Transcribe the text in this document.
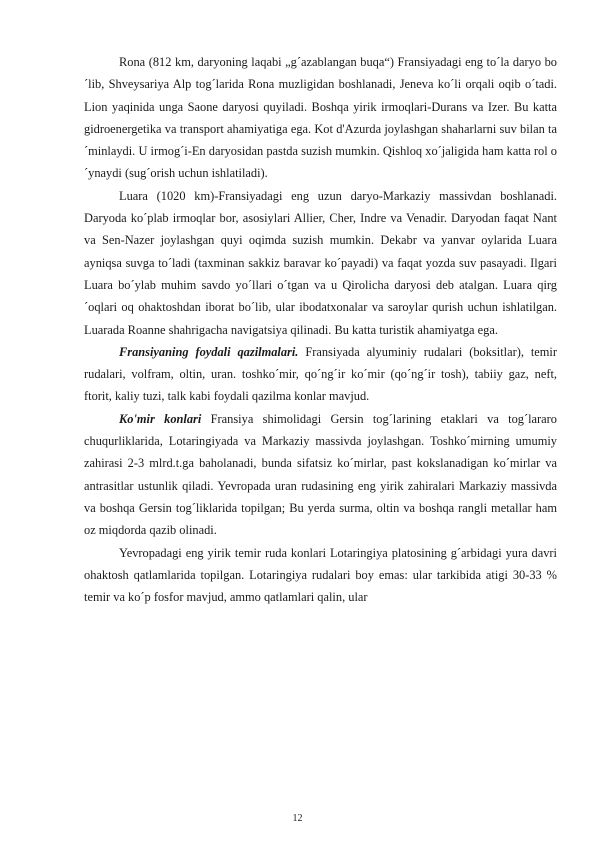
Rona (812 km, daryoning laqabi „g´azablangan buqa“) Fransiyadagi eng to´la daryo bo´lib, Shveysariya Alp tog´larida Rona muzligidan boshlanadi, Jeneva ko´li orqali oqib o´tadi. Lion yaqinida unga Saone daryosi quyiladi. Boshqa yirik irmoqlari-Durans va Izer. Bu katta gidroenergetika va transport ahamiyatiga ega. Kot d'Azurda joylashgan shaharlarni suv bilan ta´minlaydi. U irmog´i-En daryosidan pastda suzish mumkin. Qishloq xo´jaligida ham katta rol o´ynaydi (sug´orish uchun ishlatiladi).

Luara (1020 km)-Fransiyadagi eng uzun daryo-Markaziy massivdan boshlanadi. Daryoda ko´plab irmoqlar bor, asosiylari Allier, Cher, Indre va Venadir. Daryodan faqat Nant va Sen-Nazer joylashgan quyi oqimda suzish mumkin. Dekabr va yanvar oylarida Luara ayniqsa suvga to´ladi (taxminan sakkiz baravar ko´payadi) va faqat yozda suv pasayadi. Ilgari Luara bo´ylab muhim savdo yo´llari o´tgan va u Qirolicha daryosi deb atalgan. Luara qirg´oqlari oq ohaktoshdan iborat bo´lib, ular ibodatxonalar va saroylar qurish uchun ishlatilgan. Luarada Roanne shahrigacha navigatsiya qilinadi. Bu katta turistik ahamiyatga ega.

Fransiyaning foydali qazilmalari. Fransiyada alyuminiy rudalari (boksitlar), temir rudalari, volfram, oltin, uran. toshko´mir, qo´ng´ir ko´mir (qo´ng´ir tosh), tabiiy gaz, neft, ftorit, kaliy tuzi, talk kabi foydali qazilma konlar mavjud.

Ko'mir konlari Fransiya shimolidagi Gersin tog´larining etaklari va tog´lararo chuqurliklarida, Lotaringiyada va Markaziy massivda joylashgan. Toshko´mirning umumiy zahirasi 2-3 mlrd.t.ga baholanadi, bunda sifatsiz ko´mirlar, past kokslanadigan ko´mirlar va antrasitlar ustunlik qiladi. Yevropada uran rudasining eng yirik zahiralari Markaziy massivda va boshqa Gersin tog´liklarida topilgan; Bu yerda surma, oltin va boshqa rangli metallar ham oz miqdorda qazib olinadi.

Yevropadagi eng yirik temir ruda konlari Lotaringiya platosining g´arbidagi yura davri ohaktosh qatlamlarida topilgan. Lotaringiya rudalari boy emas: ular tarkibida atigi 30-33 % temir va ko´p fosfor mavjud, ammo qatlamlari qalin, ular

12
